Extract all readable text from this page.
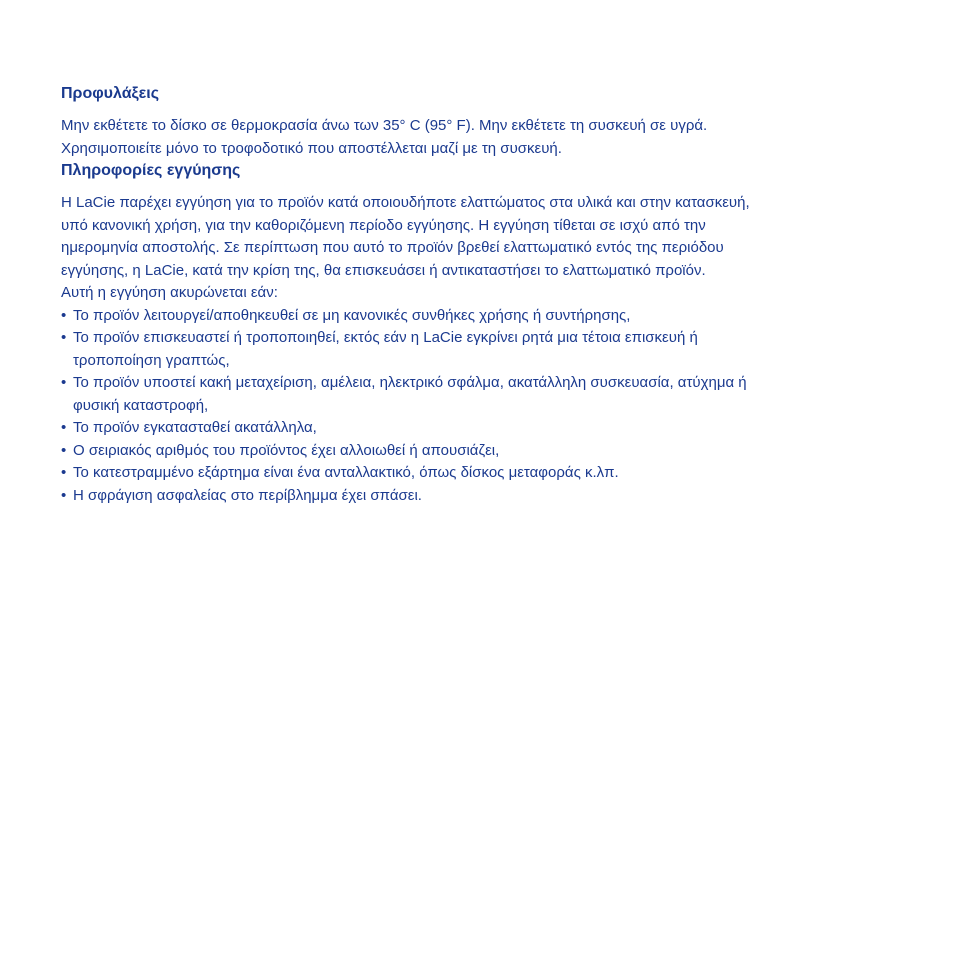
Προφυλάξεις

Μην εκθέτετε το δίσκο σε θερμοκρασία άνω των 35° C (95° F). Μην εκθέτετε τη συσκευή σε υγρά.

Χρησιμοποιείτε μόνο το τροφοδοτικό που αποστέλλεται μαζί με τη συσκευή.

Πληροφορίες εγγύησης

Η LaCie παρέχει εγγύηση για το προϊόν κατά οποιουδήποτε ελαττώματος στα υλικά και στην κατασκευή,

υπό κανονική χρήση, για την καθοριζόμενη περίοδο εγγύησης. Η εγγύηση τίθεται σε ισχύ από την

ημερομηνία αποστολής. Σε περίπτωση που αυτό το προϊόν βρεθεί ελαττωματικό εντός της περιόδου

εγγύησης, η LaCie, κατά την κρίση της, θα επισκευάσει ή αντικαταστήσει το ελαττωματικό προϊόν.

Αυτή η εγγύηση ακυρώνεται εάν:

• Το προϊόν λειτουργεί/αποθηκευθεί σε μη κανονικές συνθήκες χρήσης ή συντήρησης,
• Το προϊόν επισκευαστεί ή τροποποιηθεί, εκτός εάν η LaCie εγκρίνει ρητά μια τέτοια επισκευή ή
τροποποίηση γραπτώς,
• Το προϊόν υποστεί κακή μεταχείριση, αμέλεια, ηλεκτρικό σφάλμα, ακατάλληλη συσκευασία, ατύχημα ή
φυσική καταστροφή,
• Το προϊόν εγκατασταθεί ακατάλληλα,
• Ο σειριακός αριθμός του προϊόντος έχει αλλοιωθεί ή απουσιάζει,
• Το κατεστραμμένο εξάρτημα είναι ένα ανταλλακτικό, όπως δίσκος μεταφοράς κ.λπ.
• Η σφράγιση ασφαλείας στο περίβλημμα έχει σπάσει.
